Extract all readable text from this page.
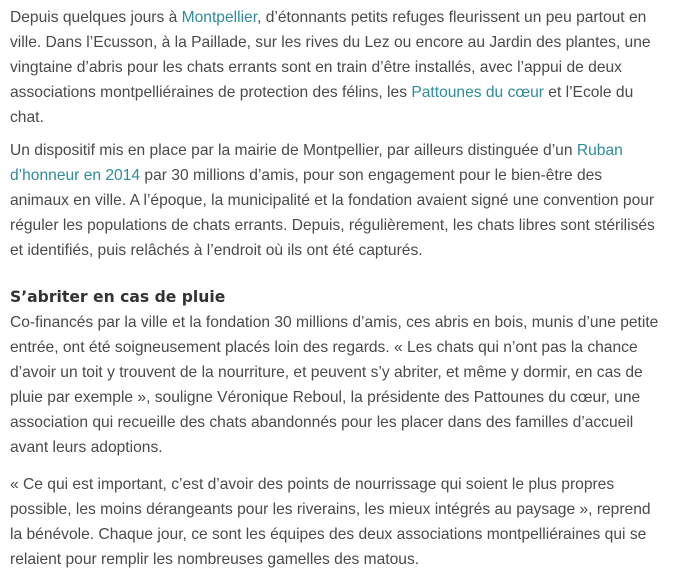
Depuis quelques jours à Montpellier, d’étonnants petits refuges fleurissent un peu partout en ville. Dans l’Ecusson, à la Paillade, sur les rives du Lez ou encore au Jardin des plantes, une vingtaine d’abris pour les chats errants sont en train d’être installés, avec l’appui de deux associations montpelliéraines de protection des félins, les Pattounes du cœur et l’Ecole du chat.

Un dispositif mis en place par la mairie de Montpellier, par ailleurs distinguée d’un Ruban d’honneur en 2014 par 30 millions d’amis, pour son engagement pour le bien-être des animaux en ville. A l’époque, la municipalité et la fondation avaient signé une convention pour réguler les populations de chats errants. Depuis, régulièrement, les chats libres sont stérilisés et identifiés, puis relâchés à l’endroit où ils ont été capturés.

S’abriter en cas de pluie

Co-financés par la ville et la fondation 30 millions d’amis, ces abris en bois, munis d’une petite entrée, ont été soigneusement placés loin des regards. « Les chats qui n’ont pas la chance d’avoir un toit y trouvent de la nourriture, et peuvent s’y abriter, et même y dormir, en cas de pluie par exemple », souligne Véronique Reboul, la présidente des Pattounes du cœur, une association qui recueille des chats abandonnés pour les placer dans des familles d’accueil avant leurs adoptions.

« Ce qui est important, c’est d’avoir des points de nourrissage qui soient le plus propres possible, les moins dérangeants pour les riverains, les mieux intégrés au paysage », reprend la bénévole. Chaque jour, ce sont les équipes des deux associations montpelliéraines qui se relaient pour remplir les nombreuses gamelles des matous.
